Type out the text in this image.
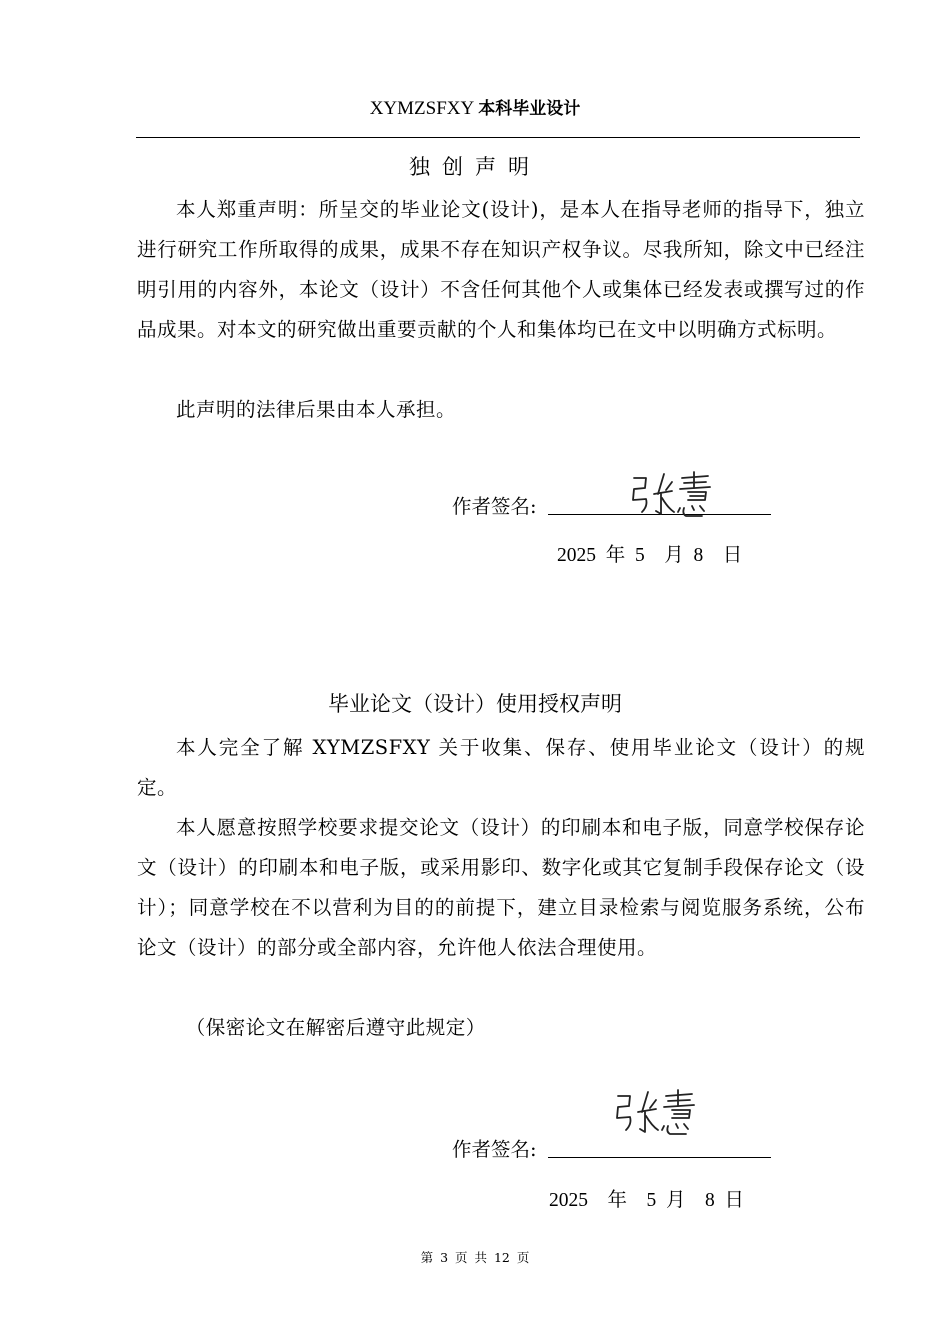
XYMZSFXY 本科毕业设计
独创声明

本人郑重声明：所呈交的毕业论文(设计)，是本人在指导老师的指导下，独立进行研究工作所取得的成果，成果不存在知识产权争议。尽我所知，除文中已经注明引用的内容外，本论文（设计）不含任何其他个人或集体已经发表或撰写过的作品成果。对本文的研究做出重要贡献的个人和集体均已在文中以明确方式标明。

此声明的法律后果由本人承担。

作者签名:
2025  年  5    月  8    日
毕业论文（设计）使用授权声明

本人完全了解 XYMZSFXY 关于收集、保存、使用毕业论文（设计）的规定。

本人愿意按照学校要求提交论文（设计）的印刷本和电子版，同意学校保存论文（设计）的印刷本和电子版，或采用影印、数字化或其它复制手段保存论文（设计）；同意学校在不以营利为目的的前提下，建立目录检索与阅览服务系统，公布论文（设计）的部分或全部内容，允许他人依法合理使用。

（保密论文在解密后遵守此规定）

作者签名:
2025    年    5  月    8  日
第 3 页 共 12 页
